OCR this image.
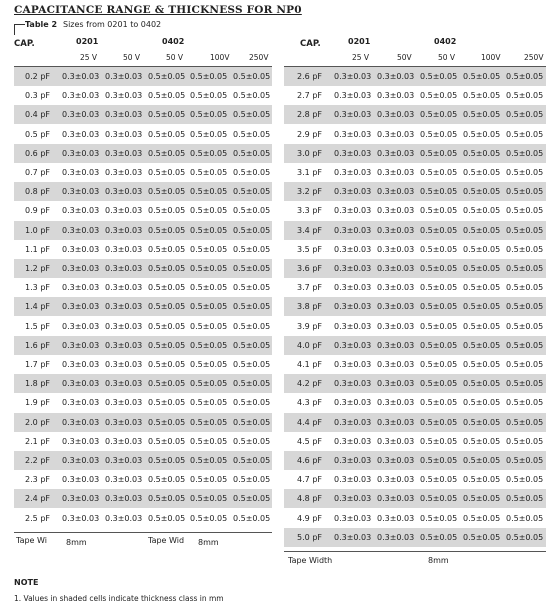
CAPACITANCE RANGE & THICKNESS FOR NP0
Table 2 Sizes from 0201 to 0402
CAP.	0201	0402
25 V	50 V	50 V	100V	250V
0.2 pF 0.3±0.03 0.3±0.03 0.5±0.05 0.5±0.05 0.5±0.05
0.3 pF 0.3±0.03 0.3±0.03 0.5±0.05 0.5±0.05 0.5±0.05
0.4 pF 0.3±0.03 0.3±0.03 0.5±0.05 0.5±0.05 0.5±0.05
0.5 pF 0.3±0.03 0.3±0.03 0.5±0.05 0.5±0.05 0.5±0.05
0.6 pF 0.3±0.03 0.3±0.03 0.5±0.05 0.5±0.05 0.5±0.05
0.7 pF 0.3±0.03 0.3±0.03 0.5±0.05 0.5±0.05 0.5±0.05
0.8 pF 0.3±0.03 0.3±0.03 0.5±0.05 0.5±0.05 0.5±0.05
0.9 pF 0.3±0.03 0.3±0.03 0.5±0.05 0.5±0.05 0.5±0.05
1.0 pF 0.3±0.03 0.3±0.03 0.5±0.05 0.5±0.05 0.5±0.05
1.1 pF 0.3±0.03 0.3±0.03 0.5±0.05 0.5±0.05 0.5±0.05
1.2 pF 0.3±0.03 0.3±0.03 0.5±0.05 0.5±0.05 0.5±0.05
1.3 pF 0.3±0.03 0.3±0.03 0.5±0.05 0.5±0.05 0.5±0.05
1.4 pF 0.3±0.03 0.3±0.03 0.5±0.05 0.5±0.05 0.5±0.05
1.5 pF 0.3±0.03 0.3±0.03 0.5±0.05 0.5±0.05 0.5±0.05
1.6 pF 0.3±0.03 0.3±0.03 0.5±0.05 0.5±0.05 0.5±0.05
1.7 pF 0.3±0.03 0.3±0.03 0.5±0.05 0.5±0.05 0.5±0.05
1.8 pF 0.3±0.03 0.3±0.03 0.5±0.05 0.5±0.05 0.5±0.05
1.9 pF 0.3±0.03 0.3±0.03 0.5±0.05 0.5±0.05 0.5±0.05
2.0 pF 0.3±0.03 0.3±0.03 0.5±0.05 0.5±0.05 0.5±0.05
2.1 pF 0.3±0.03 0.3±0.03 0.5±0.05 0.5±0.05 0.5±0.05
2.2 pF 0.3±0.03 0.3±0.03 0.5±0.05 0.5±0.05 0.5±0.05
2.3 pF 0.3±0.03 0.3±0.03 0.5±0.05 0.5±0.05 0.5±0.05
2.4 pF 0.3±0.03 0.3±0.03 0.5±0.05 0.5±0.05 0.5±0.05
2.5 pF 0.3±0.03 0.3±0.03 0.5±0.05 0.5±0.05 0.5±0.05
CAP.	0201	0402
25 V	50V	50 V	100V	250V
2.6 pF 0.3±0.03 0.3±0.03 0.5±0.05 0.5±0.05 0.5±0.05
2.7 pF 0.3±0.03 0.3±0.03 0.5±0.05 0.5±0.05 0.5±0.05
2.8 pF 0.3±0.03 0.3±0.03 0.5±0.05 0.5±0.05 0.5±0.05
2.9 pF 0.3±0.03 0.3±0.03 0.5±0.05 0.5±0.05 0.5±0.05
3.0 pF 0.3±0.03 0.3±0.03 0.5±0.05 0.5±0.05 0.5±0.05
3.1 pF 0.3±0.03 0.3±0.03 0.5±0.05 0.5±0.05 0.5±0.05
3.2 pF 0.3±0.03 0.3±0.03 0.5±0.05 0.5±0.05 0.5±0.05
3.3 pF 0.3±0.03 0.3±0.03 0.5±0.05 0.5±0.05 0.5±0.05
3.4 pF 0.3±0.03 0.3±0.03 0.5±0.05 0.5±0.05 0.5±0.05
3.5 pF 0.3±0.03 0.3±0.03 0.5±0.05 0.5±0.05 0.5±0.05
3.6 pF 0.3±0.03 0.3±0.03 0.5±0.05 0.5±0.05 0.5±0.05
3.7 pF 0.3±0.03 0.3±0.03 0.5±0.05 0.5±0.05 0.5±0.05
3.8 pF 0.3±0.03 0.3±0.03 0.5±0.05 0.5±0.05 0.5±0.05
3.9 pF 0.3±0.03 0.3±0.03 0.5±0.05 0.5±0.05 0.5±0.05
4.0 pF 0.3±0.03 0.3±0.03 0.5±0.05 0.5±0.05 0.5±0.05
4.1 pF 0.3±0.03 0.3±0.03 0.5±0.05 0.5±0.05 0.5±0.05
4.2 pF 0.3±0.03 0.3±0.03 0.5±0.05 0.5±0.05 0.5±0.05
4.3 pF 0.3±0.03 0.3±0.03 0.5±0.05 0.5±0.05 0.5±0.05
4.4 pF 0.3±0.03 0.3±0.03 0.5±0.05 0.5±0.05 0.5±0.05
4.5 pF 0.3±0.03 0.3±0.03 0.5±0.05 0.5±0.05 0.5±0.05
4.6 pF 0.3±0.03 0.3±0.03 0.5±0.05 0.5±0.05 0.5±0.05
4.7 pF 0.3±0.03 0.3±0.03 0.5±0.05 0.5±0.05 0.5±0.05
4.8 pF 0.3±0.03 0.3±0.03 0.5±0.05 0.5±0.05 0.5±0.05
4.9 pF 0.3±0.03 0.3±0.03 0.5±0.05 0.5±0.05 0.5±0.05
5.0 pF 0.3±0.03 0.3±0.03 0.5±0.05 0.5±0.05 0.5±0.05
Tape Wi 8mm	Tape Wid 8mm
Tape Width	8mm
NOTE
1. Values in shaded cells indicate thickness class in mm
